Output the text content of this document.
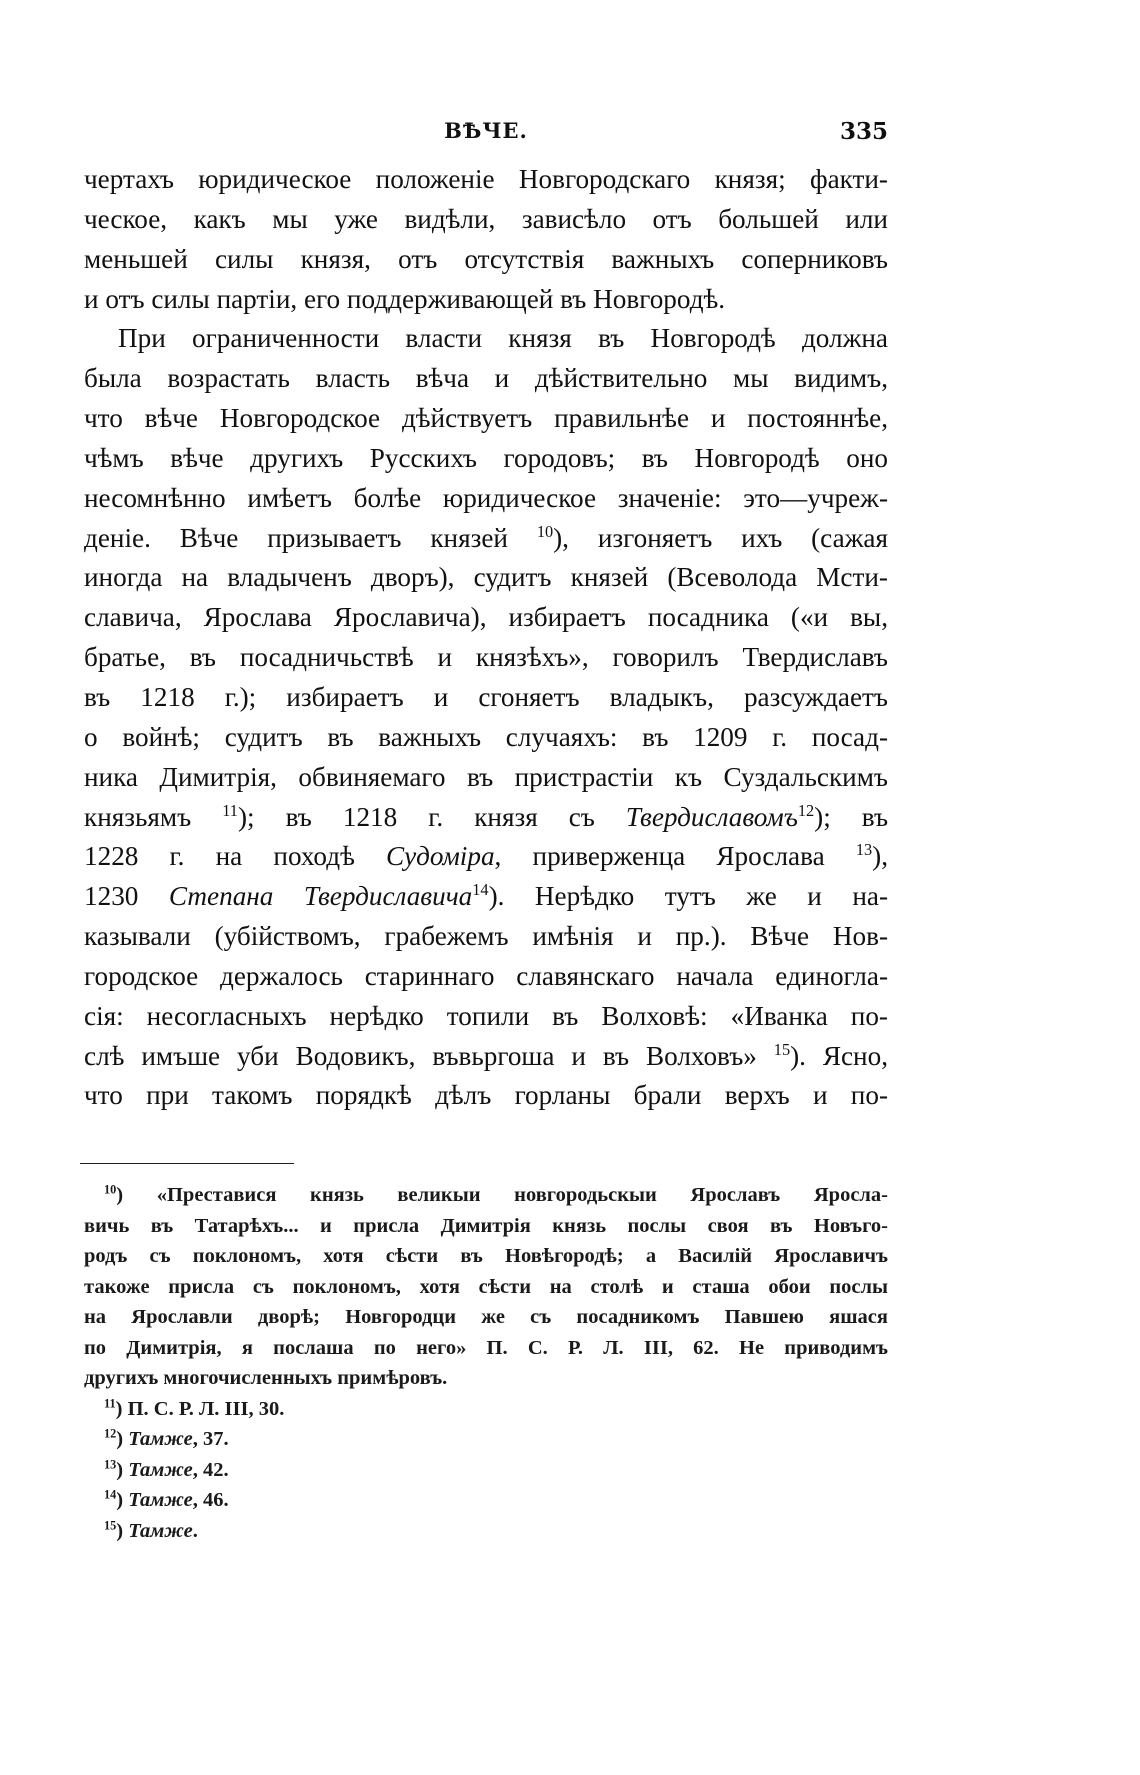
ВѢЧЕ.	335
чертахъ юридическое положеніе Новгородскаго князя; факти-
ческое, какъ мы уже видѣли, зависѣло отъ большей или
меньшей силы князя, отъ отсутствія важныхъ соперниковъ
и отъ силы партіи, его поддерживающей въ Новгородѣ.
При ограниченности власти князя въ Новгородѣ должна
была возрастать власть вѣча и дѣйствительно мы видимъ,
что вѣче Новгородское дѣйствуетъ правильнѣе и постояннѣе,
чѣмъ вѣче другихъ Русскихъ городовъ; въ Новгородѣ оно
несомнѣнно имѣетъ болѣе юридическое значеніе: это—учреж-
деніе. Вѣче призываетъ князей $^{10}$), изгоняетъ ихъ (сажая
иногда на владыченъ дворъ), судитъ князей (Всеволода Мсти-
славича, Ярослава Ярославича), избираетъ посадника («и вы,
братье, въ посадничьствѣ и князѣхъ», говорилъ Твердиславъ
въ 1218 г.); избираетъ и сгоняетъ владыкъ, разсуждаетъ
о войнѣ; судитъ въ важныхъ случаяхъ: въ 1209 г. посад-
ника Димитрія, обвиняемаго въ пристрастіи къ Суздальскимъ
князьямъ $^{11}$); въ 1218 г. князя съ Твердиславомъ$^{12}$); въ
1228 г. на походѣ Судоміра, приверженца Ярослава $^{13}$),
1230 Степана Твердиславича$^{14}$). Нерѣдко тутъ же и на-
казывали (убійствомъ, грабежемъ имѣнія и пр.). Вѣче Нов-
городское держалось стариннаго славянскаго начала единогла-
сія: несогласныхъ нерѣдко топили въ Волховѣ: «Иванка по-
слѣ имъше уби Водовикъ, въвьргоша и въ Волховъ» $^{15}$). Ясно,
что при такомъ порядкѣ дѣлъ горланы брали верхъ и по-
$^{10}$) «Преставися князь великыи новгородьскыи Ярославъ Яросла-
вичь въ Татарѣхъ... и присла Димитрія князь послы своя въ Новъго-
родъ съ поклономъ, хотя сѣсти въ Новѣгородѣ; а Василій Ярославичъ
такоже присла съ поклономъ, хотя сѣсти на столѣ и сташа обои послы
на Ярославли дворѣ; Новгородци же съ посадникомъ Павшею яшася
по Димитрія, я послаша по него» П. С. Р. Л. III, 62. Не приводимъ
другихъ многочисленныхъ примѣровъ.
$^{11}$) П. С. Р. Л. III, 30.
$^{12}$) Тамже, 37.
$^{13}$) Тамже, 42.
$^{14}$) Тамже, 46.
$^{15}$) Тамже.
